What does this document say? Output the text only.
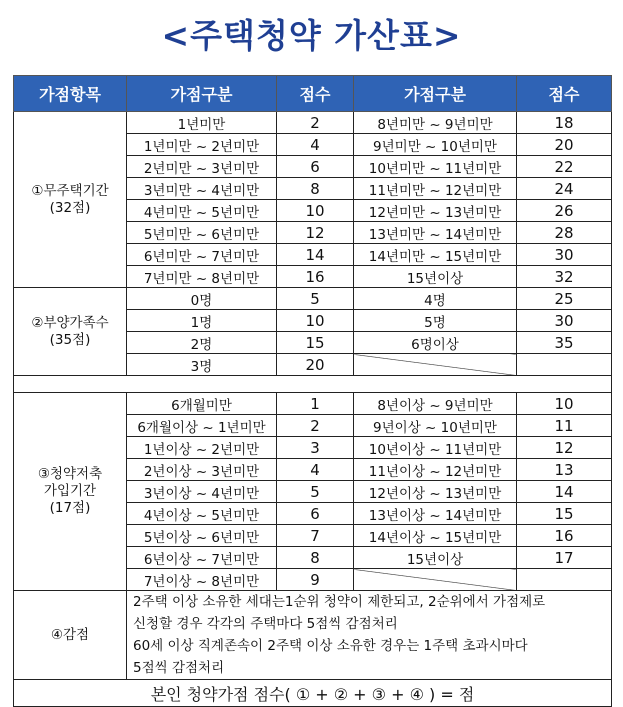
<주택청약 가산표>
가점항목	가점구분	점수	가점구분	점수
①무주택기간
(32점)	1년미만	2	8년미만 ~ 9년미만	18
	1년미만 ~ 2년미만	4	9년미만 ~ 10년미만	20
	2년미만 ~ 3년미만	6	10년미만 ~ 11년미만	22
	3년미만 ~ 4년미만	8	11년미만 ~ 12년미만	24
	4년미만 ~ 5년미만	10	12년미만 ~ 13년미만	26
	5년미만 ~ 6년미만	12	13년미만 ~ 14년미만	28
	6년미만 ~ 7년미만	14	14년미만 ~ 15년미만	30
	7년미만 ~ 8년미만	16	15년이상	32
②부양가족수
(35점)	0명	5	4명	25
	1명	10	5명	30
	2명	15	6명이상	35
	3명	20		

③청약저축
가입기간
(17점)	6개월미만	1	8년이상 ~ 9년미만	10
	6개월이상 ~ 1년미만	2	9년이상 ~ 10년미만	11
	1년이상 ~ 2년미만	3	10년이상 ~ 11년미만	12
	2년이상 ~ 3년미만	4	11년이상 ~ 12년미만	13
	3년이상 ~ 4년미만	5	12년이상 ~ 13년미만	14
	4년이상 ~ 5년미만	6	13년이상 ~ 14년미만	15
	5년이상 ~ 6년미만	7	14년이상 ~ 15년미만	16
	6년이상 ~ 7년미만	8	15년이상	17
	7년이상 ~ 8년미만	9		
④감점	2주택 이상 소유한 세대는1순위 청약이 제한되고, 2순위에서 가점제로
신청할 경우 각각의 주택마다 5점씩 감점처리
60세 이상 직계존속이 2주택 이상 소유한 경우는 1주택 초과시마다
5점씩 감점처리			

본인 청약가점 점수( ① + ② + ③ + ④ ) = 점				
